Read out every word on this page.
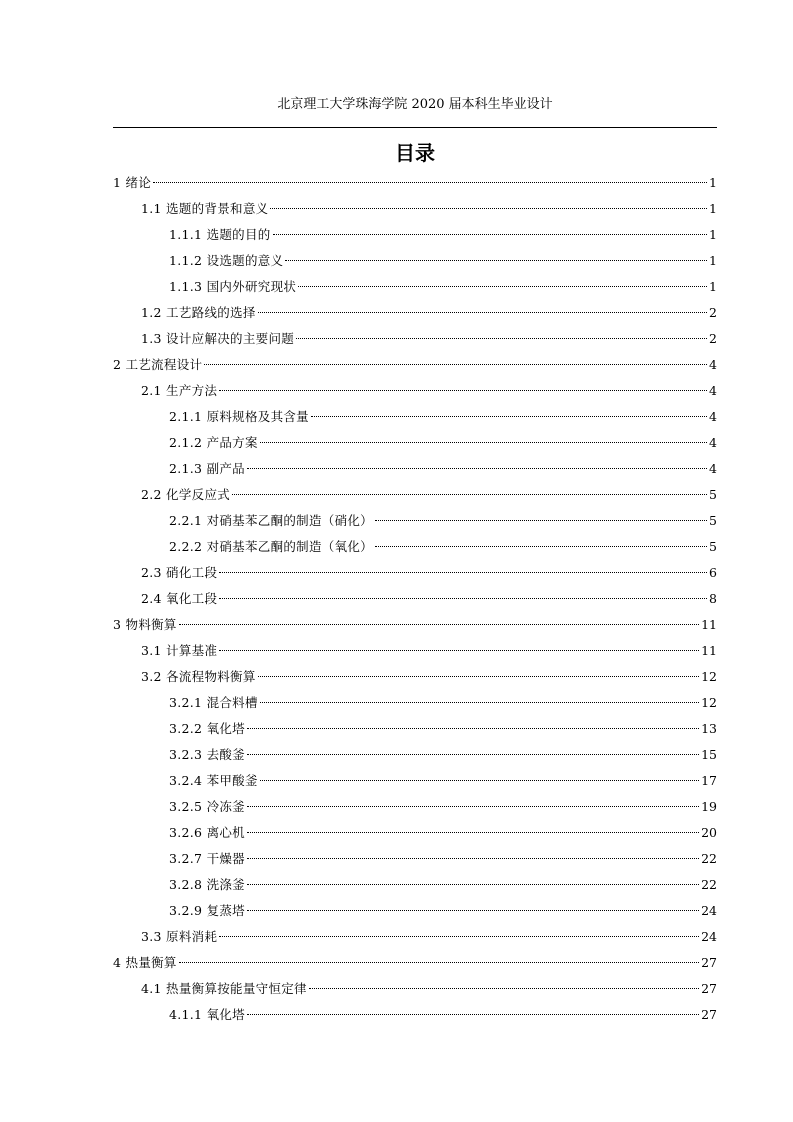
北京理工大学珠海学院 2020 届本科生毕业设计
目录
1 绪论	1
1.1 选题的背景和意义	1
1.1.1 选题的目的	1
1.1.2 设选题的意义	1
1.1.3 国内外研究现状	1
1.2 工艺路线的选择	2
1.3 设计应解决的主要问题	2
2 工艺流程设计	4
2.1 生产方法	4
2.1.1 原料规格及其含量	4
2.1.2 产品方案	4
2.1.3 副产品	4
2.2 化学反应式	5
2.2.1 对硝基苯乙酮的制造（硝化）	5
2.2.2 对硝基苯乙酮的制造（氧化）	5
2.3 硝化工段	6
2.4 氧化工段	8
3 物料衡算	11
3.1 计算基准	11
3.2 各流程物料衡算	12
3.2.1 混合料槽	12
3.2.2 氧化塔	13
3.2.3 去酸釜	15
3.2.4 苯甲酸釜	17
3.2.5 冷冻釜	19
3.2.6 离心机	20
3.2.7 干燥器	22
3.2.8 洗涤釜	22
3.2.9 复蒸塔	24
3.3 原料消耗	24
4 热量衡算	27
4.1 热量衡算按能量守恒定律	27
4.1.1 氧化塔	27
